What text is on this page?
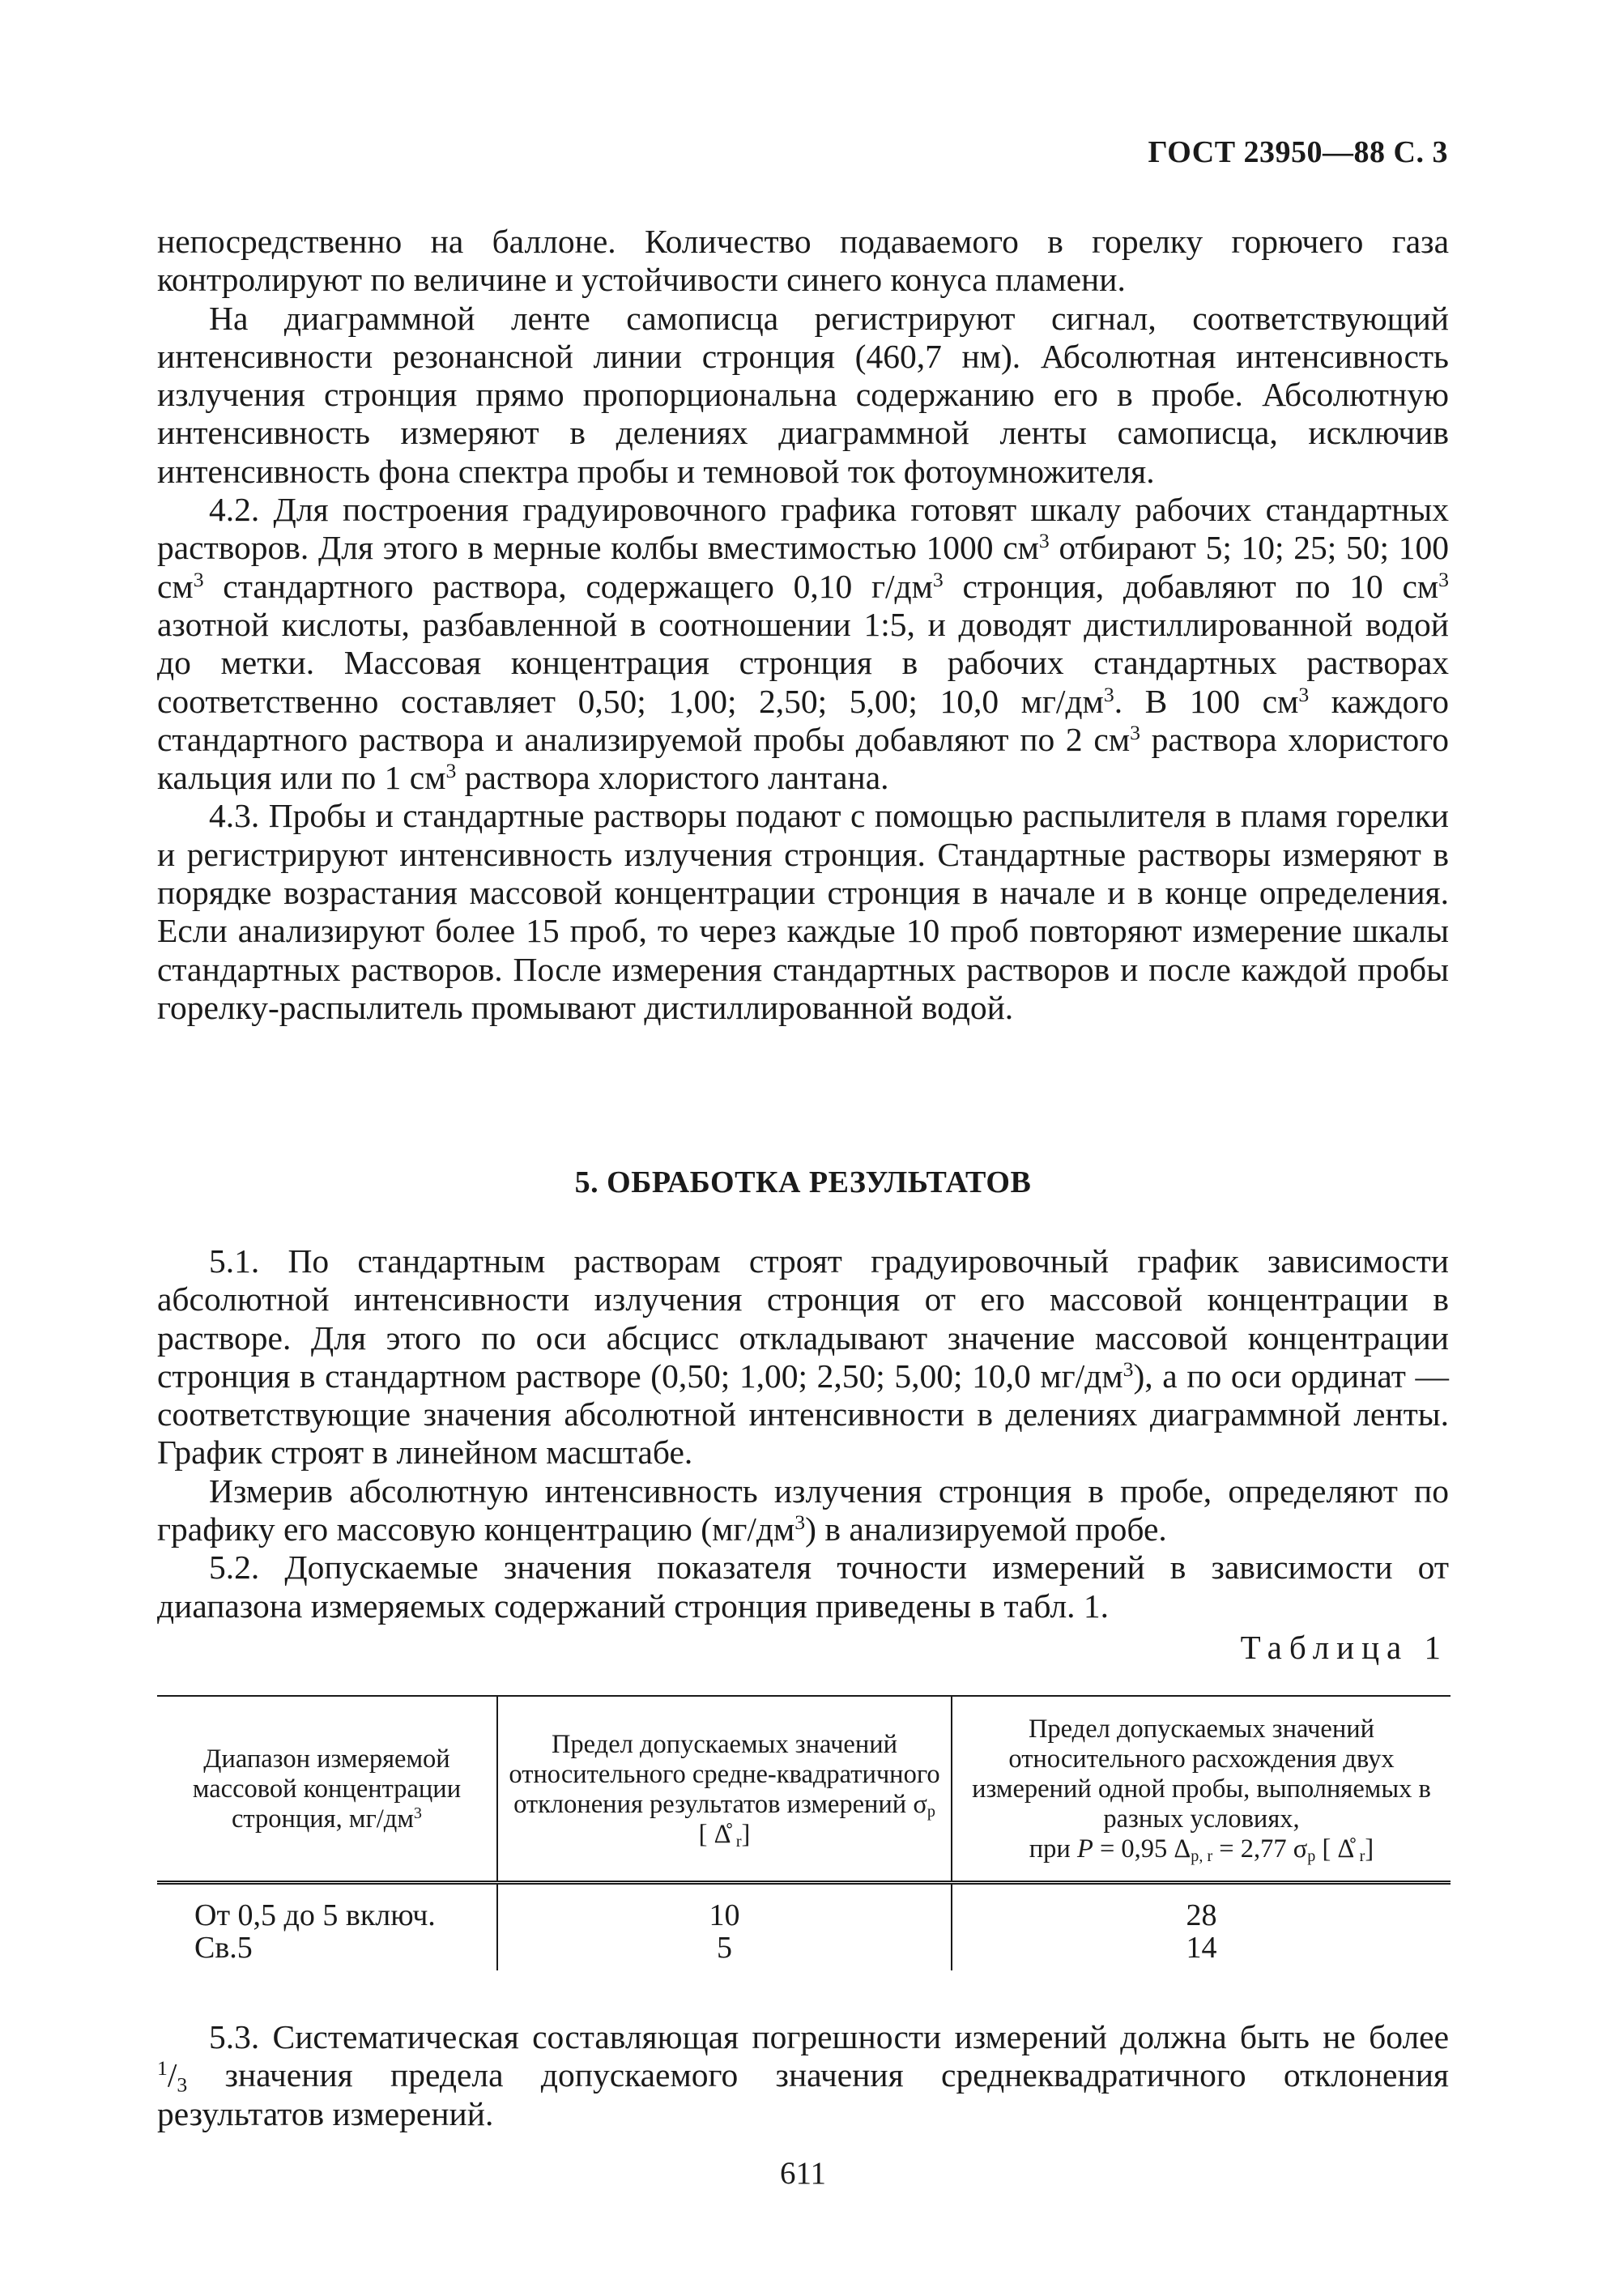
ГОСТ 23950—88 С. 3

непосредственно на баллоне. Количество подаваемого в горелку горючего газа контролируют по величине и устойчивости синего конуса пламени.

На диаграммной ленте самописца регистрируют сигнал, соответствующий интенсивности резонансной линии стронция (460,7 нм). Абсолютная интенсивность излучения стронция прямо пропорциональна содержанию его в пробе. Абсолютную интенсивность измеряют в делениях диаграммной ленты самописца, исключив интенсивность фона спектра пробы и темновой ток фотоумножителя.

4.2. Для построения градуировочного графика готовят шкалу рабочих стандартных растворов. Для этого в мерные колбы вместимостью 1000 $см^3$ отбирают 5; 10; 25; 50; 100 $см^3$ стандартного раствора, содержащего 0,10 $г/дм^3$ стронция, добавляют по 10 $см^3$ азотной кислоты, разбавленной в соотношении 1:5, и доводят дистиллированной водой до метки. Массовая концентрация стронция в рабочих стандартных растворах соответственно составляет 0,50; 1,00; 2,50; 5,00; 10,0 $мг/дм^3$. В 100 $см^3$ каждого стандартного раствора и анализируемой пробы добавляют по 2 $см^3$ раствора хлористого кальция или по 1 $см^3$ раствора хлористого лантана.

4.3. Пробы и стандартные растворы подают с помощью распылителя в пламя горелки и регистрируют интенсивность излучения стронция. Стандартные растворы измеряют в порядке возрастания массовой концентрации стронция в начале и в конце определения. Если анализируют более 15 проб, то через каждые 10 проб повторяют измерение шкалы стандартных растворов. После измерения стандартных растворов и после каждой пробы горелку-распылитель промывают дистиллированной водой.

5. ОБРАБОТКА РЕЗУЛЬТАТОВ

5.1. По стандартным растворам строят градуировочный график зависимости абсолютной интенсивности излучения стронция от его массовой концентрации в растворе. Для этого по оси абсцисс откладывают значение массовой концентрации стронция в стандартном растворе (0,50; 1,00; 2,50; 5,00; 10,0 $мг/дм^3$), а по оси ординат — соответствующие значения абсолютной интенсивности в делениях диаграммной ленты. График строят в линейном масштабе.

Измерив абсолютную интенсивность излучения стронция в пробе, определяют по графику его массовую концентрацию $(мг/дм^3)$ в анализируемой пробе.

5.2. Допускаемые значения показателя точности измерений в зависимости от диапазона измеряемых содержаний стронция приведены в табл. 1.

Таблица 1
Диапазон измеряемой массовой концентрации стронция, $мг/дм^3$	Предел допускаемых значений относительного средне-квадратичного отклонения результатов измерений $\sigma_р$ [ Δ̊ $_r$]	Предел допускаемых значений относительного расхождения двух измерений одной пробы, выполняемых в разных условиях,
при P = 0,95 $\Delta_{р, r} = 2,77$ $\sigma_р$ [ Δ̊ $_r$]
От 0,5 до 5 включ.	10	28
Св.5	5	14

5.3. Систематическая составляющая погрешности измерений должна быть не более $^1/_3$ значения предела допускаемого значения среднеквадратичного отклонения результатов измерений.

611
